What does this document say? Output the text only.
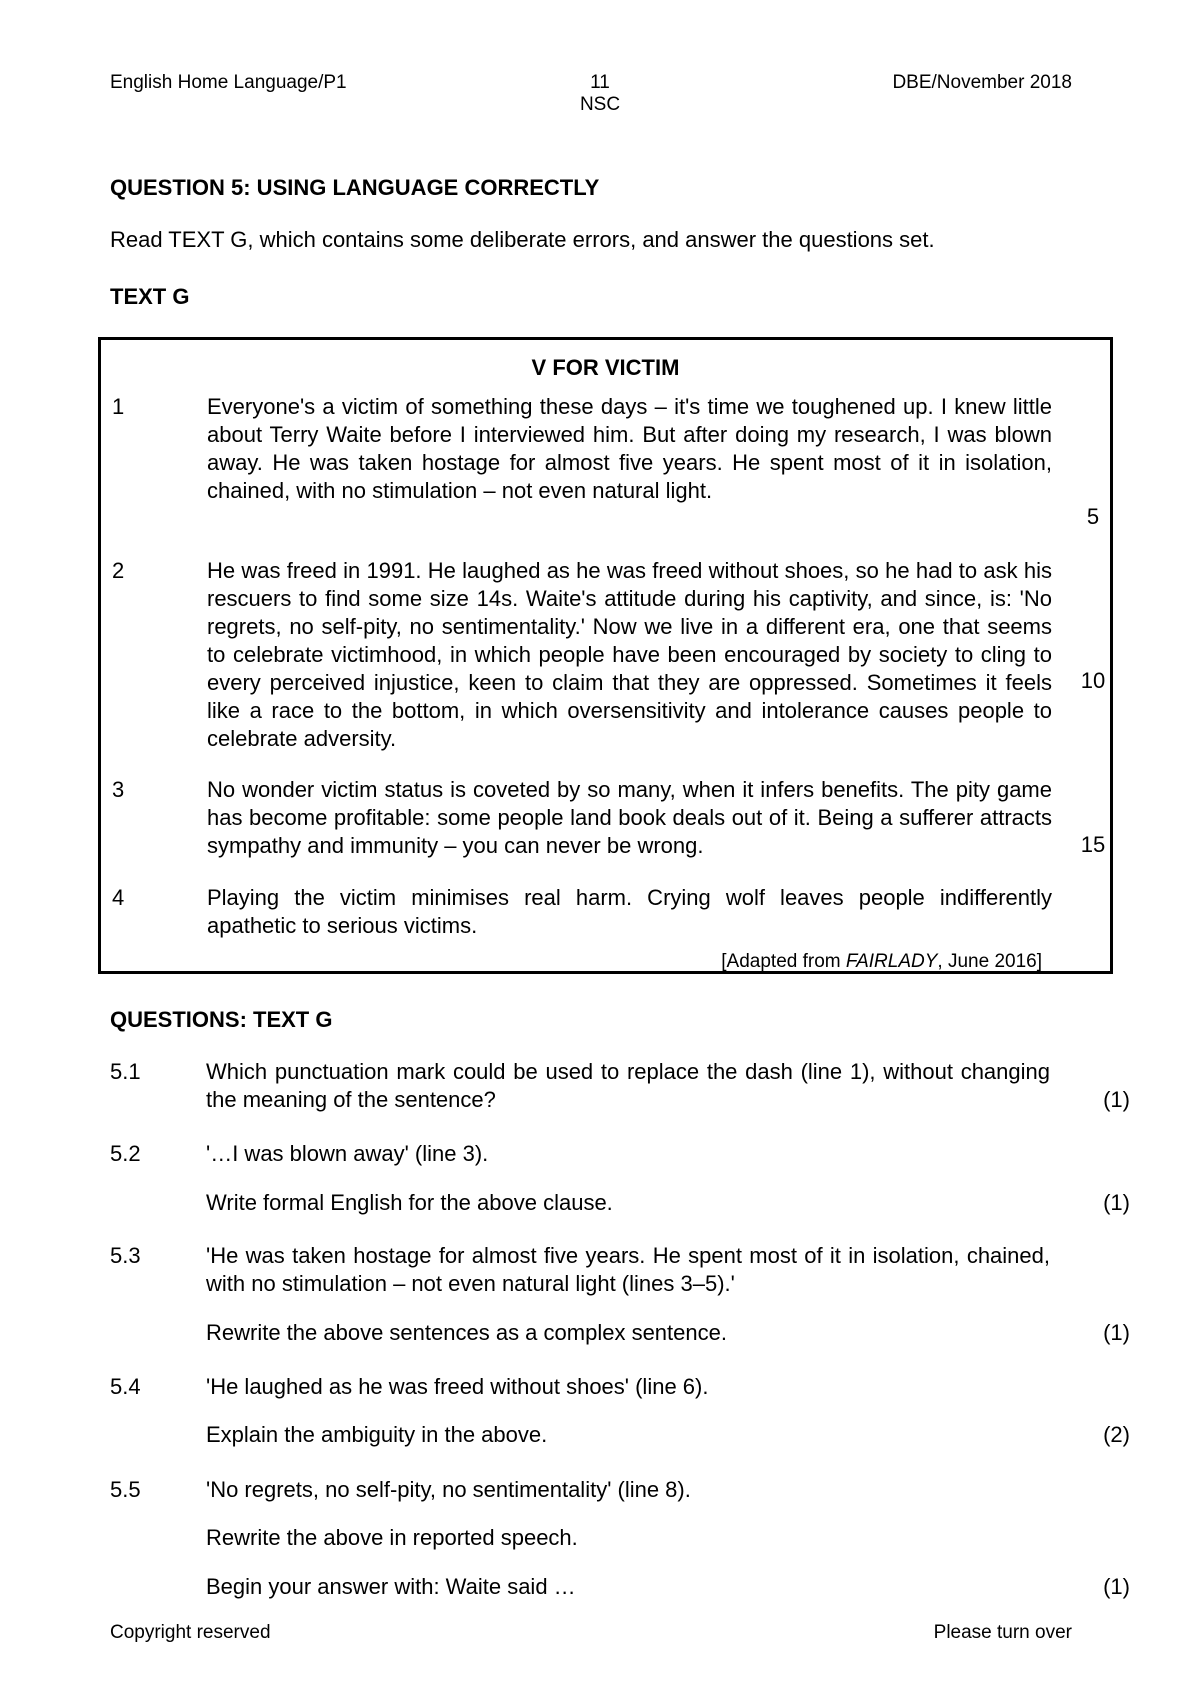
English Home Language/P1	11
NSC
DBE/November 2018
QUESTION 5: USING LANGUAGE CORRECTLY
Read TEXT G, which contains some deliberate errors, and answer the questions set.
TEXT G
V FOR VICTIM
1	Everyone's a victim of something these days – it's time we toughened up. I knew little about Terry Waite before I interviewed him. But after doing my research, I was blown away. He was taken hostage for almost five years. He spent most of it in isolation, chained, with no stimulation – not even natural light.
2	He was freed in 1991. He laughed as he was freed without shoes, so he had to ask his rescuers to find some size 14s. Waite's attitude during his captivity, and since, is: 'No regrets, no self-pity, no sentimentality.' Now we live in a different era, one that seems to celebrate victimhood, in which people have been encouraged by society to cling to every perceived injustice, keen to claim that they are oppressed. Sometimes it feels like a race to the bottom, in which oversensitivity and intolerance causes people to celebrate adversity.
3	No wonder victim status is coveted by so many, when it infers benefits. The pity game has become profitable: some people land book deals out of it. Being a sufferer attracts sympathy and immunity – you can never be wrong.
4	Playing the victim minimises real harm. Crying wolf leaves people indifferently apathetic to serious victims.
5
10
15
[Adapted from FAIRLADY, June 2016]
QUESTIONS: TEXT G
5.1	Which punctuation mark could be used to replace the dash (line 1), without changing the meaning of the sentence?	(1)
5.2	'…I was blown away' (line 3).
Write formal English for the above clause.	(1)
5.3	'He was taken hostage for almost five years. He spent most of it in isolation, chained, with no stimulation – not even natural light (lines 3–5).'
Rewrite the above sentences as a complex sentence.	(1)
5.4	'He laughed as he was freed without shoes' (line 6).
Explain the ambiguity in the above.	(2)
5.5	'No regrets, no self-pity, no sentimentality' (line 8).
Rewrite the above in reported speech.
Begin your answer with: Waite said …	(1)
Copyright reserved	Please turn over
